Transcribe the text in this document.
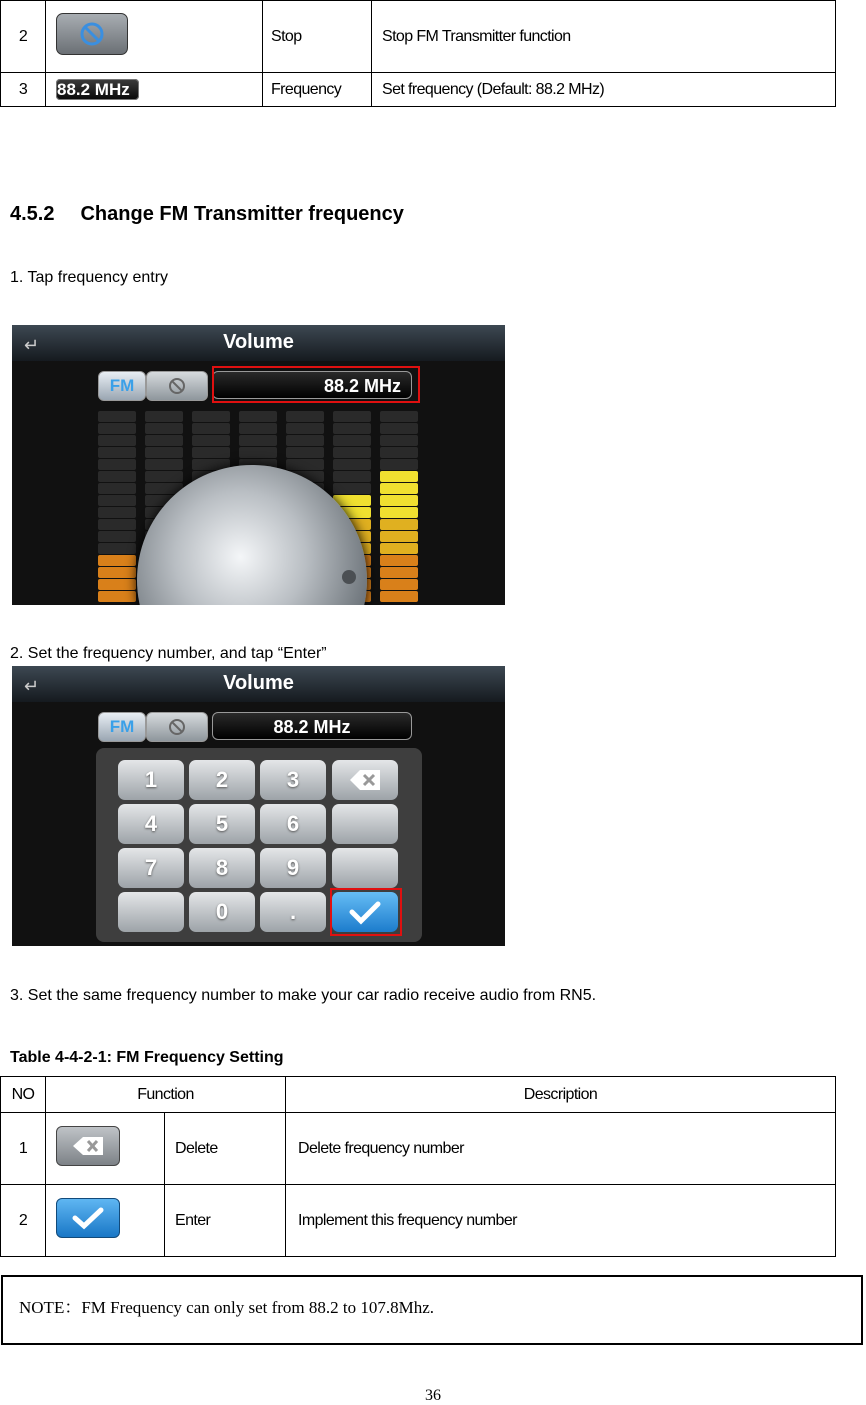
2		Stop	Stop FM Transmitter function
3	88.2 MHz	Frequency	Set frequency (Default: 88.2 MHz)
4.5.2 Change FM Transmitter frequency
1. Tap frequency entry
↵	Volume
FM	88.2 MHz
2. Set the frequency number, and tap “Enter”
↵	Volume
FM	88.2 MHz
1	2	3
4	5	6
7	8	9
0	.
3. Set the same frequency number to make your car radio receive audio from RN5.
Table 4-4-2-1: FM Frequency Setting
NO	Function		Description
1		Delete	Delete frequency number
2		Enter	Implement this frequency number
NOTE：FM Frequency can only set from 88.2 to 107.8Mhz.
36
